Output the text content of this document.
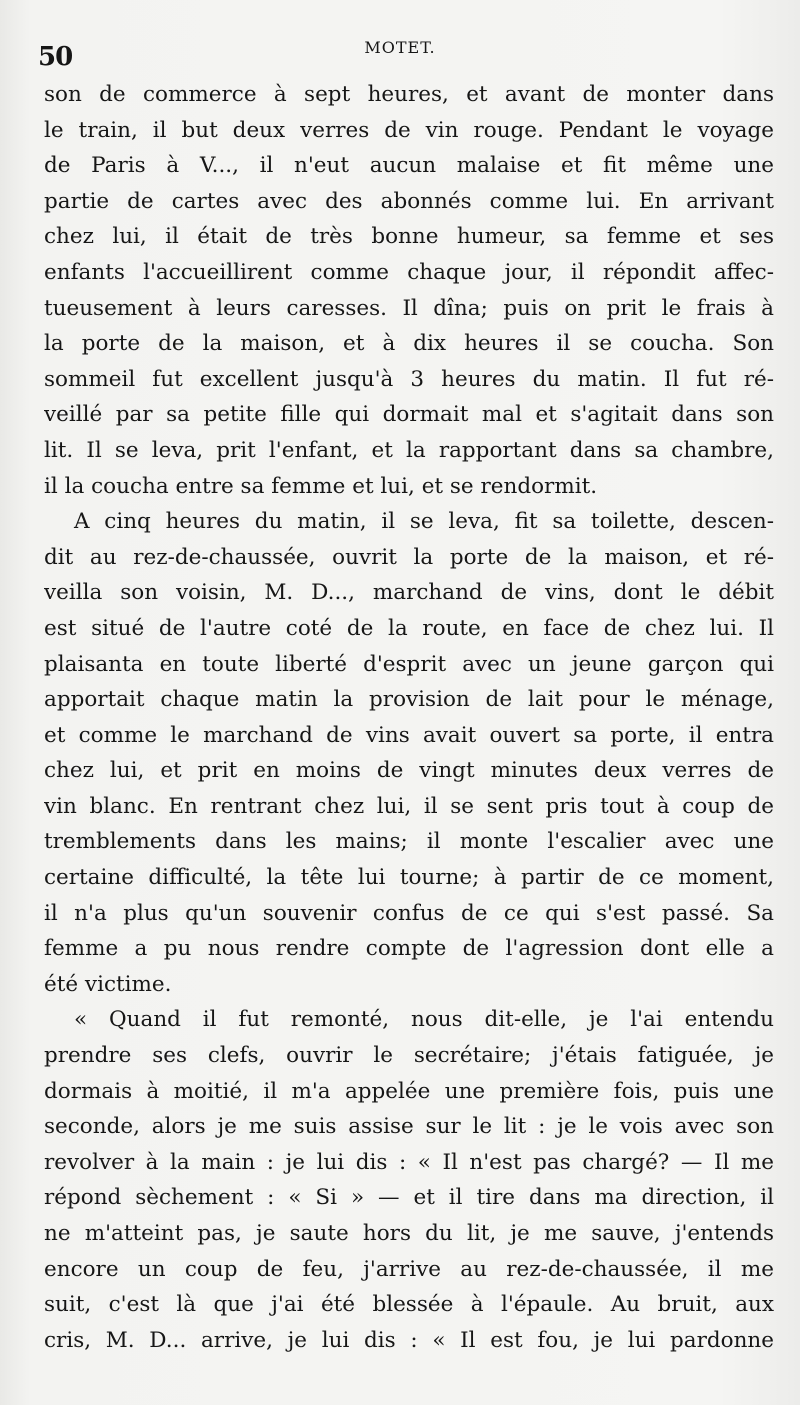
50	MOTET.
son de commerce à sept heures, et avant de monter dans
le train, il but deux verres de vin rouge. Pendant le voyage
de Paris à V..., il n'eut aucun malaise et fit même une
partie de cartes avec des abonnés comme lui. En arrivant
chez lui, il était de très bonne humeur, sa femme et ses
enfants l'accueillirent comme chaque jour, il répondit affec-
tueusement à leurs caresses. Il dîna; puis on prit le frais à
la porte de la maison, et à dix heures il se coucha. Son
sommeil fut excellent jusqu'à 3 heures du matin. Il fut ré-
veillé par sa petite fille qui dormait mal et s'agitait dans son
lit. Il se leva, prit l'enfant, et la rapportant dans sa chambre,
il la coucha entre sa femme et lui, et se rendormit.
A cinq heures du matin, il se leva, fit sa toilette, descen-
dit au rez-de-chaussée, ouvrit la porte de la maison, et ré-
veilla son voisin, M. D..., marchand de vins, dont le débit
est situé de l'autre coté de la route, en face de chez lui. Il
plaisanta en toute liberté d'esprit avec un jeune garçon qui
apportait chaque matin la provision de lait pour le ménage,
et comme le marchand de vins avait ouvert sa porte, il entra
chez lui, et prit en moins de vingt minutes deux verres de
vin blanc. En rentrant chez lui, il se sent pris tout à coup de
tremblements dans les mains; il monte l'escalier avec une
certaine difficulté, la tête lui tourne; à partir de ce moment,
il n'a plus qu'un souvenir confus de ce qui s'est passé. Sa
femme a pu nous rendre compte de l'agression dont elle a
été victime.
« Quand il fut remonté, nous dit-elle, je l'ai entendu
prendre ses clefs, ouvrir le secrétaire; j'étais fatiguée, je
dormais à moitié, il m'a appelée une première fois, puis une
seconde, alors je me suis assise sur le lit : je le vois avec son
revolver à la main : je lui dis : « Il n'est pas chargé? — Il me
répond sèchement : « Si » — et il tire dans ma direction, il
ne m'atteint pas, je saute hors du lit, je me sauve, j'entends
encore un coup de feu, j'arrive au rez-de-chaussée, il me
suit, c'est là que j'ai été blessée à l'épaule. Au bruit, aux
cris, M. D... arrive, je lui dis : « Il est fou, je lui pardonne
